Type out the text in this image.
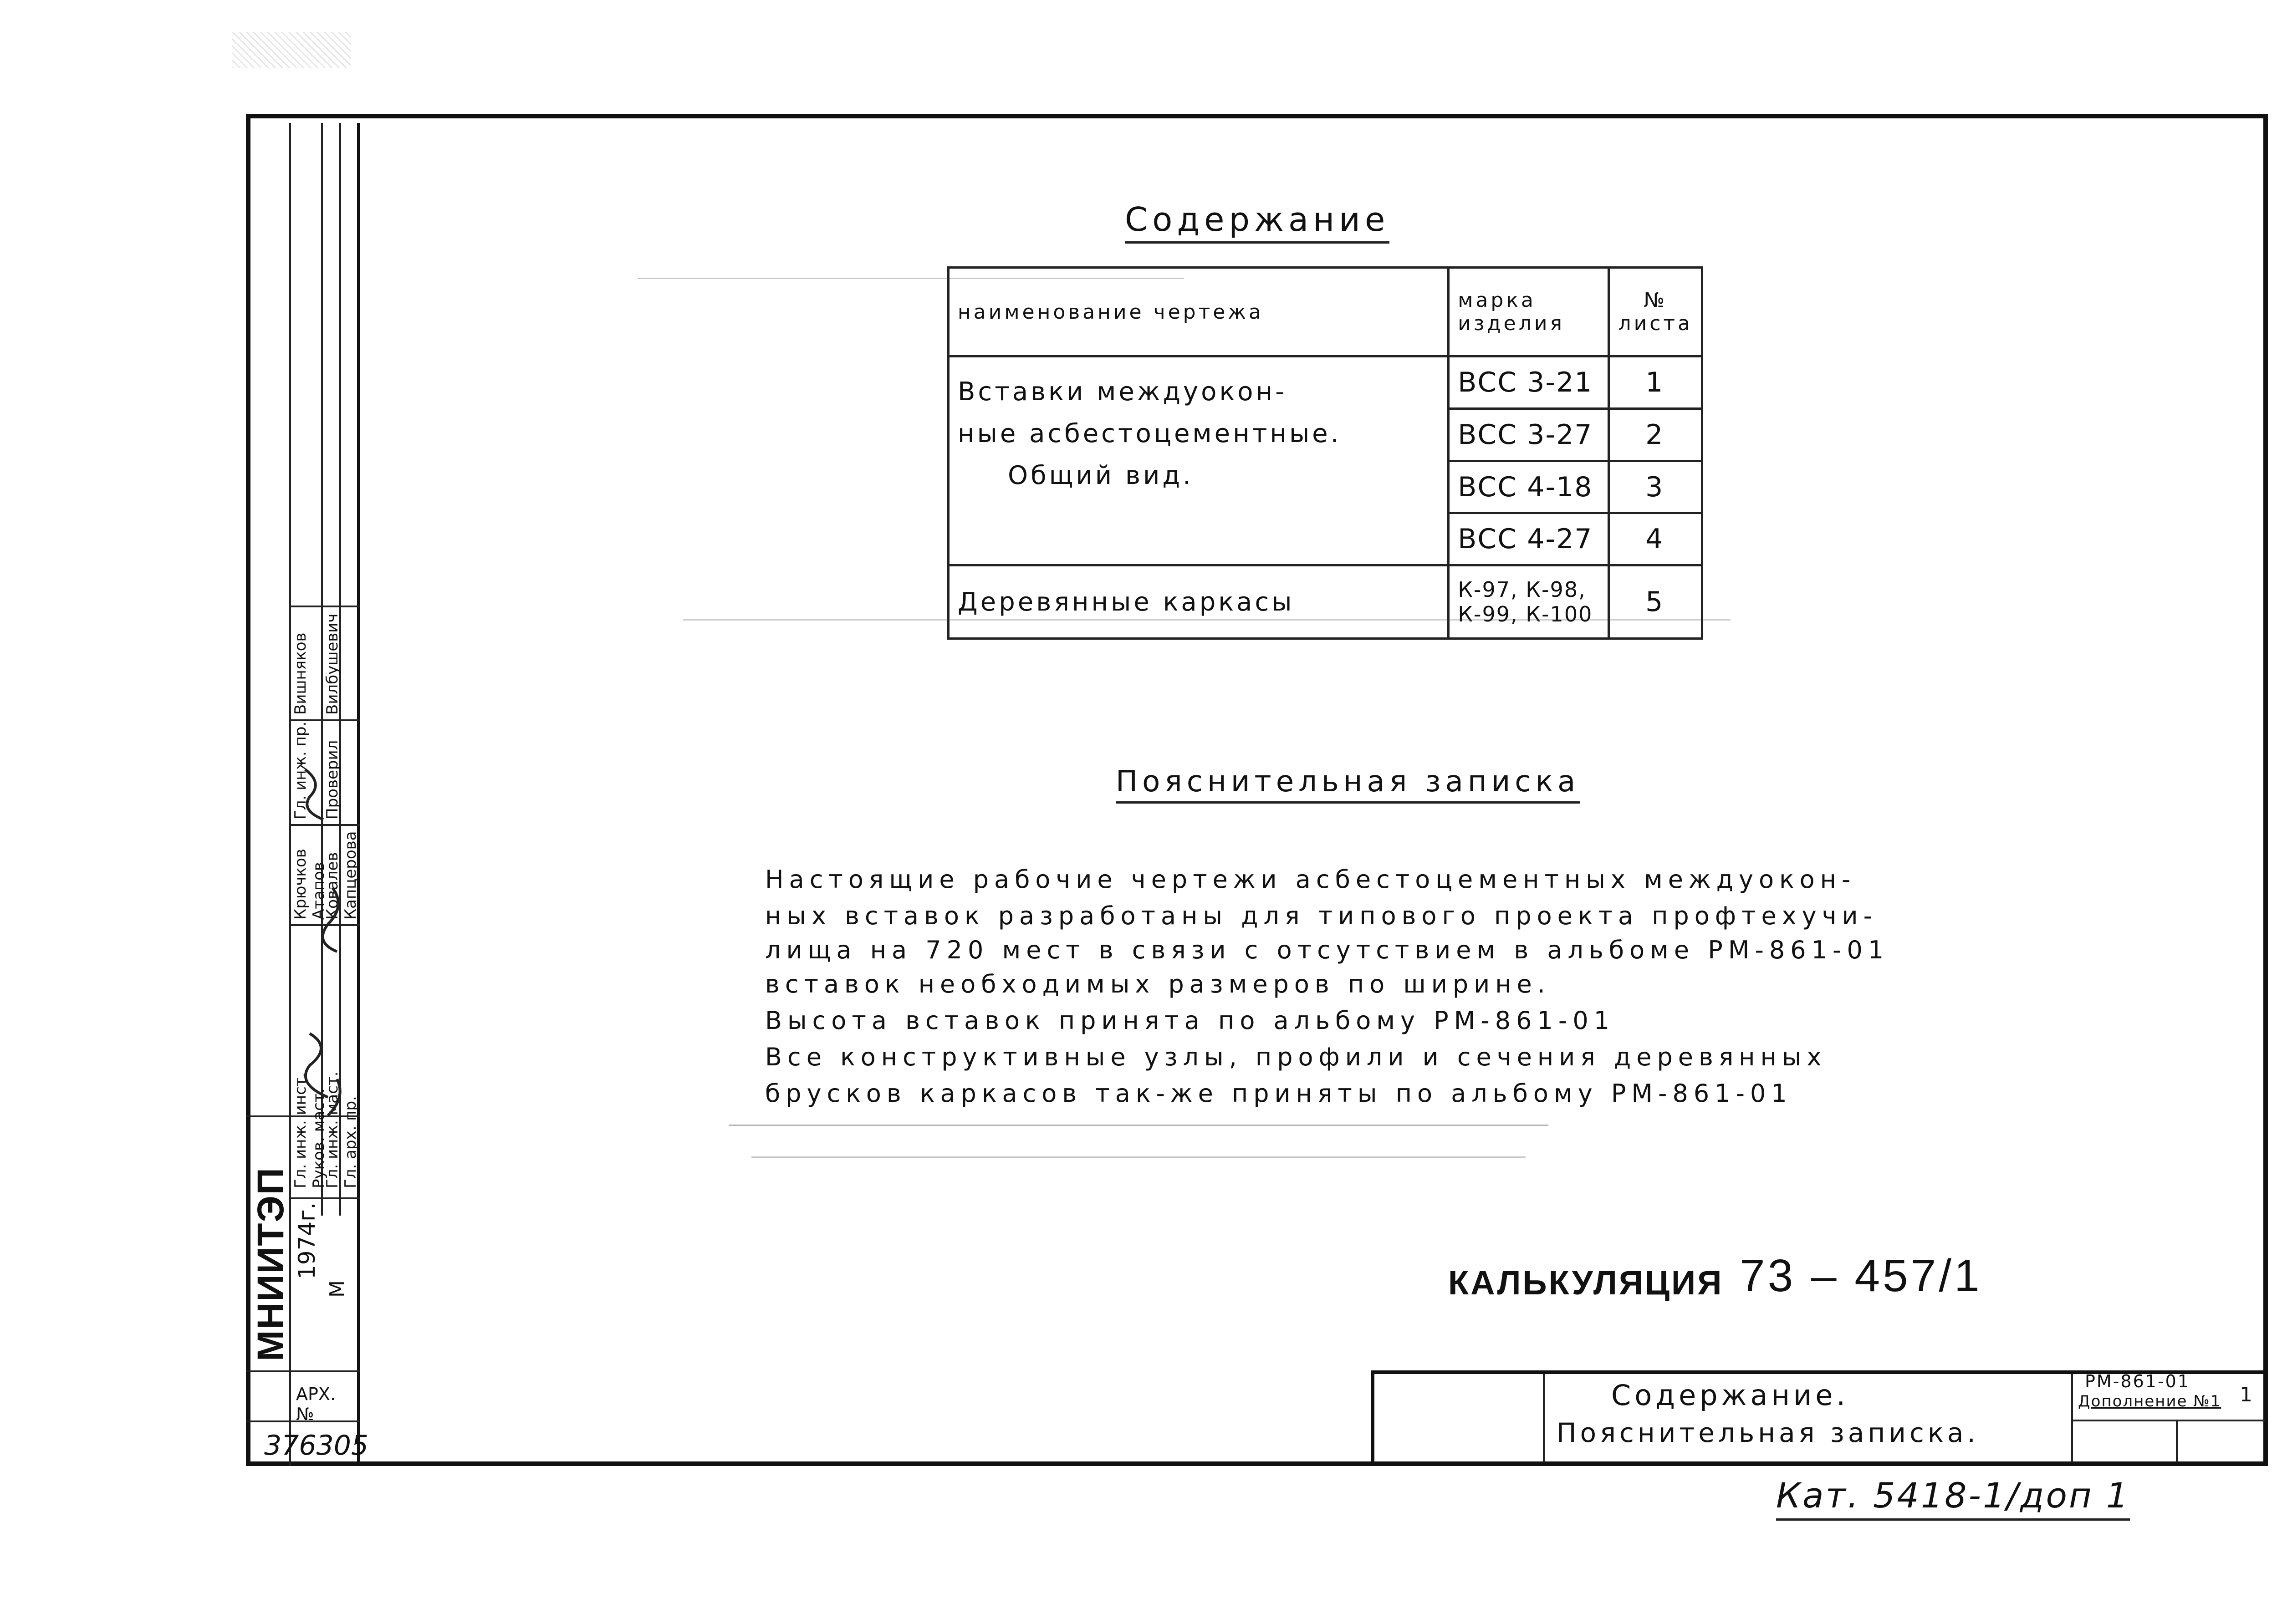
МНИИТЭП 1974г.
М
Гл. инж. инст. Руков. маст.
Гл. инж. маст. Гл. арх. пр.
Крючков Атапов
Ковалев Капцерова
Гл. инж. пр. Проверил
Вишняков Вилбушевич
АРХ. №
376305
Содержание
наименование чертежа	марка изделия	№ листа

Вставки междуокон-
ные асбестоцементные.
Общий вид.	ВСС 3-21	1
	ВСС 3-27	2
	ВСС 4-18	3
	ВСС 4-27	4
Деревянные каркасы	К-97, К-98, К-99, К-100	5
Пояснительная записка
Настоящие рабочие чертежи асбестоцементных междуокон-
ных вставок разработаны для типового проекта профтехучи-
лища на 720 мест в связи с отсутствием в альбоме РМ-861-01
вставок необходимых размеров по ширине.
Высота вставок принята по альбому РМ-861-01
Все конструктивные узлы, профили и сечения деревянных
брусков каркасов так-же приняты по альбому РМ-861-01
КАЛЬКУЛЯЦИЯ 73 – 457/1
Содержание.
Пояснительная записка.
РМ-861-01
Дополнение №1 1
Кат. 5418-1/доп 1
